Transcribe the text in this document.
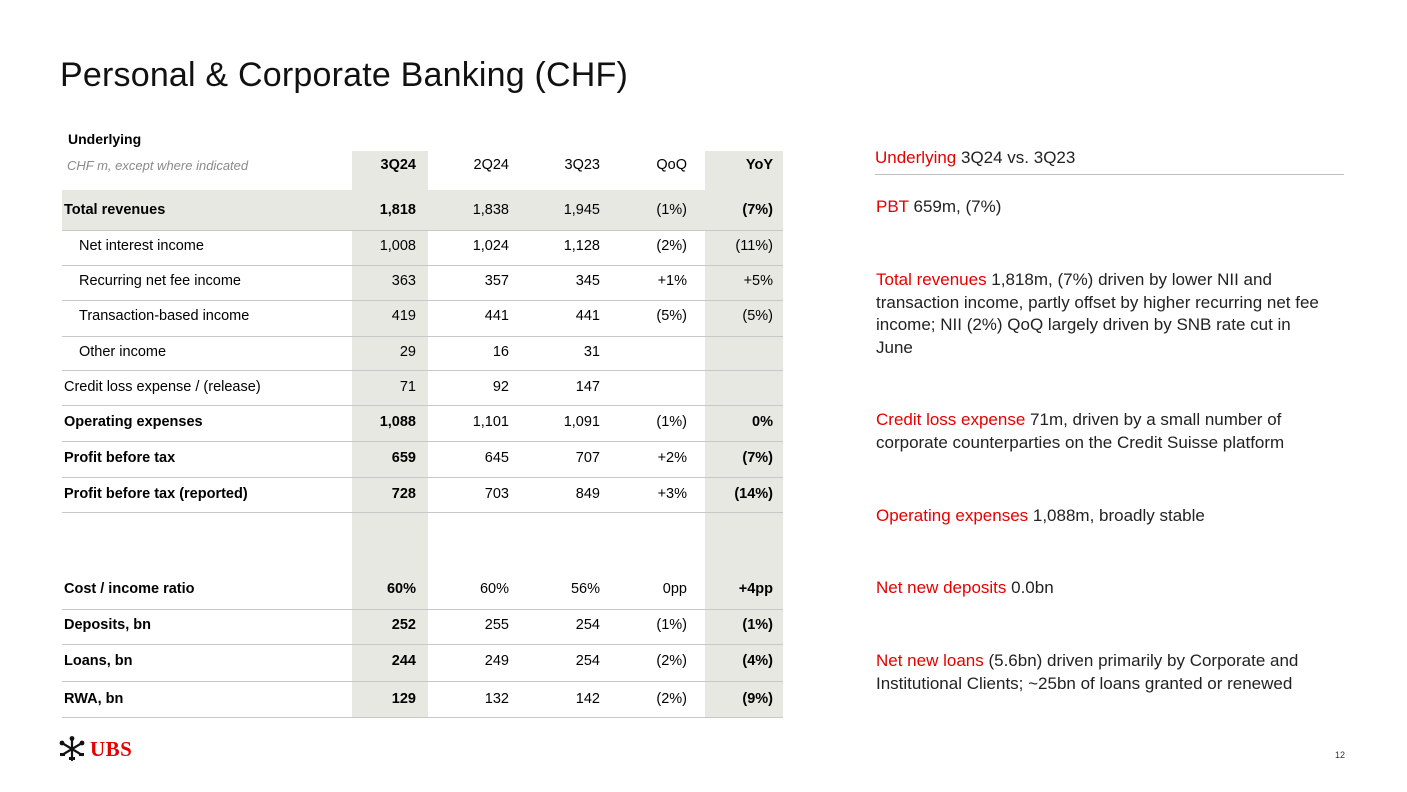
Personal & Corporate Banking (CHF)
Underlying
CHF m, except where indicated	3Q24	2Q24	3Q23	QoQ	YoY
Total revenues	1,818	1,838	1,945	(1%)	(7%)
Net interest income	1,008	1,024	1,128	(2%)	(11%)
Recurring net fee income	363	357	345	+1%	+5%
Transaction-based income	419	441	441	(5%)	(5%)
Other income	29	16	31
Credit loss expense / (release)	71	92	147
Operating expenses	1,088	1,101	1,091	(1%)	0%
Profit before tax	659	645	707	+2%	(7%)
Profit before tax (reported)	728	703	849	+3%	(14%)
Cost / income ratio	60%	60%	56%	0pp	+4pp
Deposits, bn	252	255	254	(1%)	(1%)
Loans, bn	244	249	254	(2%)	(4%)
RWA, bn	129	132	142	(2%)	(9%)
Underlying 3Q24 vs. 3Q23
PBT 659m, (7%)
Total revenues 1,818m, (7%) driven by lower NII and transaction income, partly offset by higher recurring net fee income; NII (2%) QoQ largely driven by SNB rate cut in June
Credit loss expense 71m, driven by a small number of corporate counterparties on the Credit Suisse platform
Operating expenses 1,088m, broadly stable
Net new deposits 0.0bn
Net new loans (5.6bn) driven primarily by Corporate and Institutional Clients; ~25bn of loans granted or renewed
UBS	12
